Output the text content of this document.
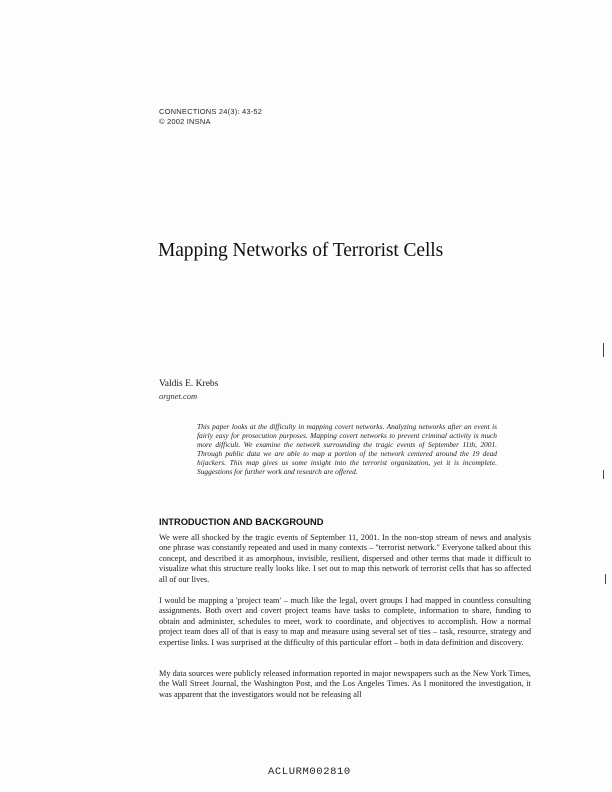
CONNECTIONS 24(3): 43-52
© 2002 INSNA
Mapping Networks of Terrorist Cells
Valdis E. Krebs
orgnet.com
This paper looks at the difficulty in mapping covert networks. Analyzing networks after an event is fairly easy for prosecution purposes. Mapping covert networks to prevent criminal activity is much more difficult. We examine the network surrounding the tragic events of September 11th, 2001. Through public data we are able to map a portion of the network centered around the 19 dead hijackers. This map gives us some insight into the terrorist organization, yet it is incomplete. Suggestions for further work and research are offered.
INTRODUCTION AND BACKGROUND
We were all shocked by the tragic events of September 11, 2001. In the non-stop stream of news and analysis one phrase was constantly repeated and used in many contexts – "terrorist network." Everyone talked about this concept, and described it as amorphous, invisible, resilient, dispersed and other terms that made it difficult to visualize what this structure really looks like. I set out to map this network of terrorist cells that has so affected all of our lives.
I would be mapping a 'project team' – much like the legal, overt groups I had mapped in countless consulting assignments. Both overt and covert project teams have tasks to complete, information to share, funding to obtain and administer, schedules to meet, work to coordinate, and objectives to accomplish. How a normal project team does all of that is easy to map and measure using several set of ties – task, resource, strategy and expertise links. I was surprised at the difficulty of this particular effort – both in data definition and discovery.
My data sources were publicly released information reported in major newspapers such as the New York Times, the Wall Street Journal, the Washington Post, and the Los Angeles Times. As I monitored the investigation, it was apparent that the investigators would not be releasing all
ACLURM002810
